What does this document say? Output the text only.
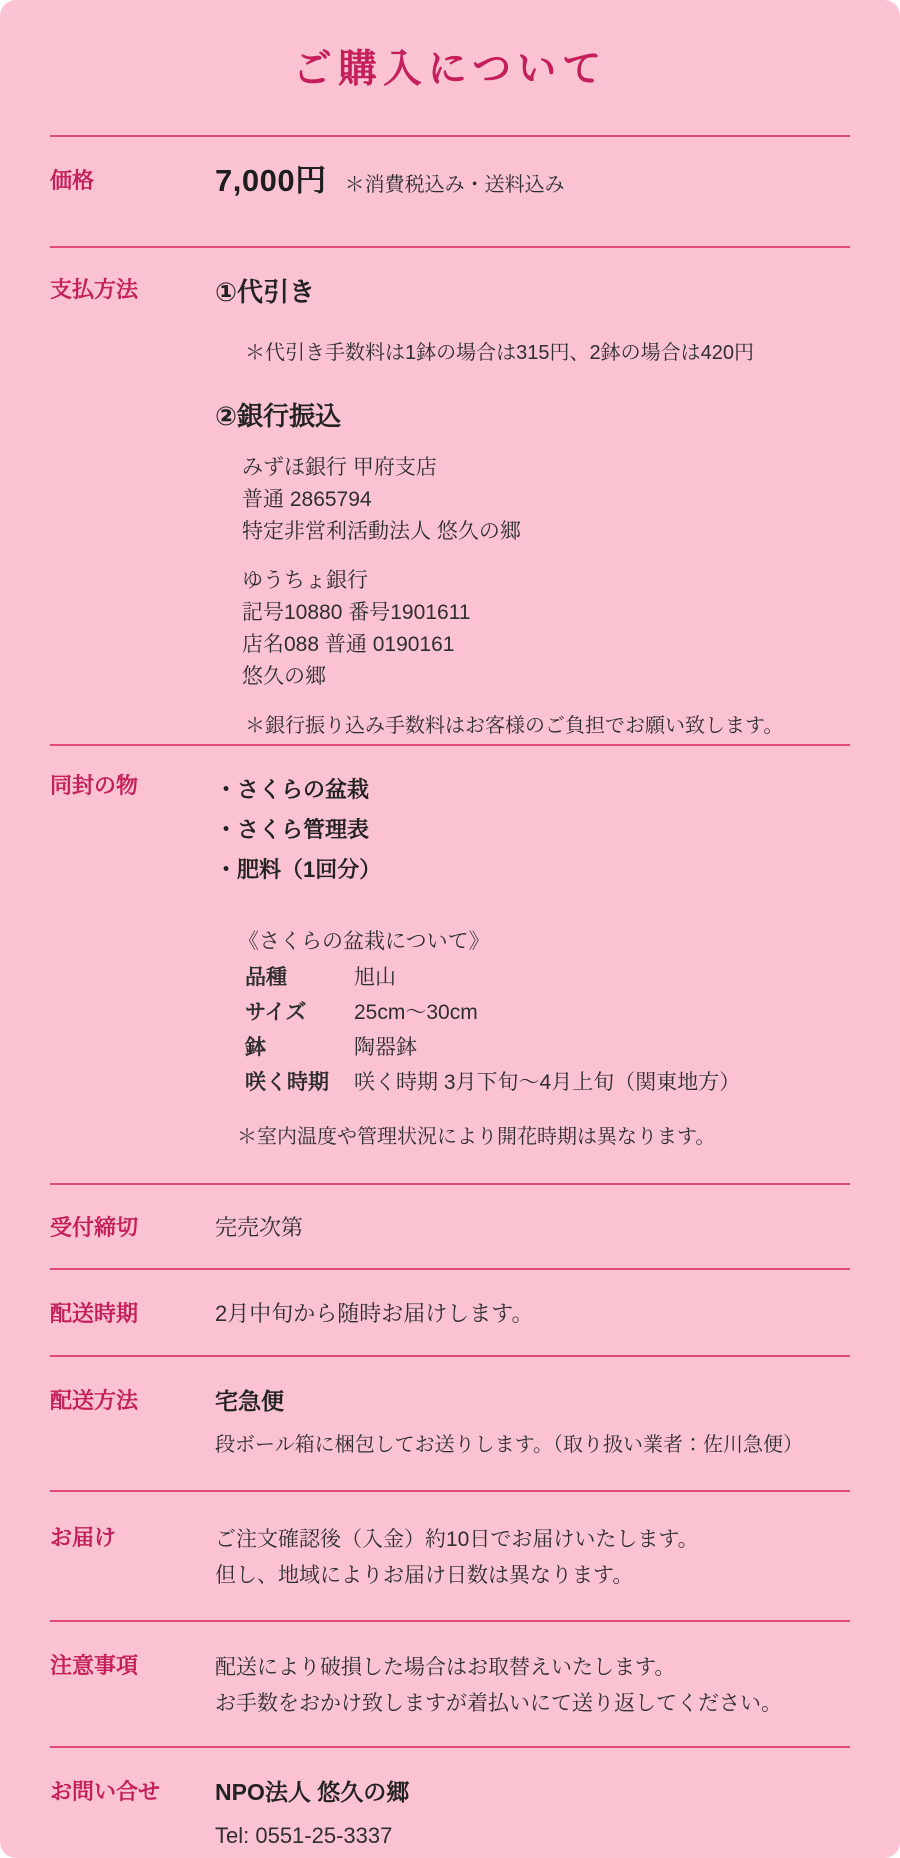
ご購入について
価格	7,000円 ＊消費税込み・送料込み
支払方法	①代引き
＊代引き手数料は1鉢の場合は315円、2鉢の場合は420円
②銀行振込
みずほ銀行 甲府支店
普通 2865794
特定非営利活動法人 悠久の郷
ゆうちょ銀行
記号10880 番号1901611
店名088 普通 0190161
悠久の郷
＊銀行振り込み手数料はお客様のご負担でお願い致します。
同封の物	・さくらの盆栽
・さくら管理表
・肥料（1回分）
《さくらの盆栽について》
品種	旭山
サイズ	25cm～30cm
鉢	陶器鉢
咲く時期	咲く時期 3月下旬～4月上旬（関東地方）
＊室内温度や管理状況により開花時期は異なります。
受付締切	完売次第
配送時期	2月中旬から随時お届けします。
配送方法	宅急便
段ボール箱に梱包してお送りします。（取り扱い業者：佐川急便）
お届け	ご注文確認後（入金）約10日でお届けいたします。
但し、地域によりお届け日数は異なります。
注意事項	配送により破損した場合はお取替えいたします。
お手数をおかけ致しますが着払いにて送り返してください。
お問い合せ	NPO法人 悠久の郷
Tel: 0551-25-3337
